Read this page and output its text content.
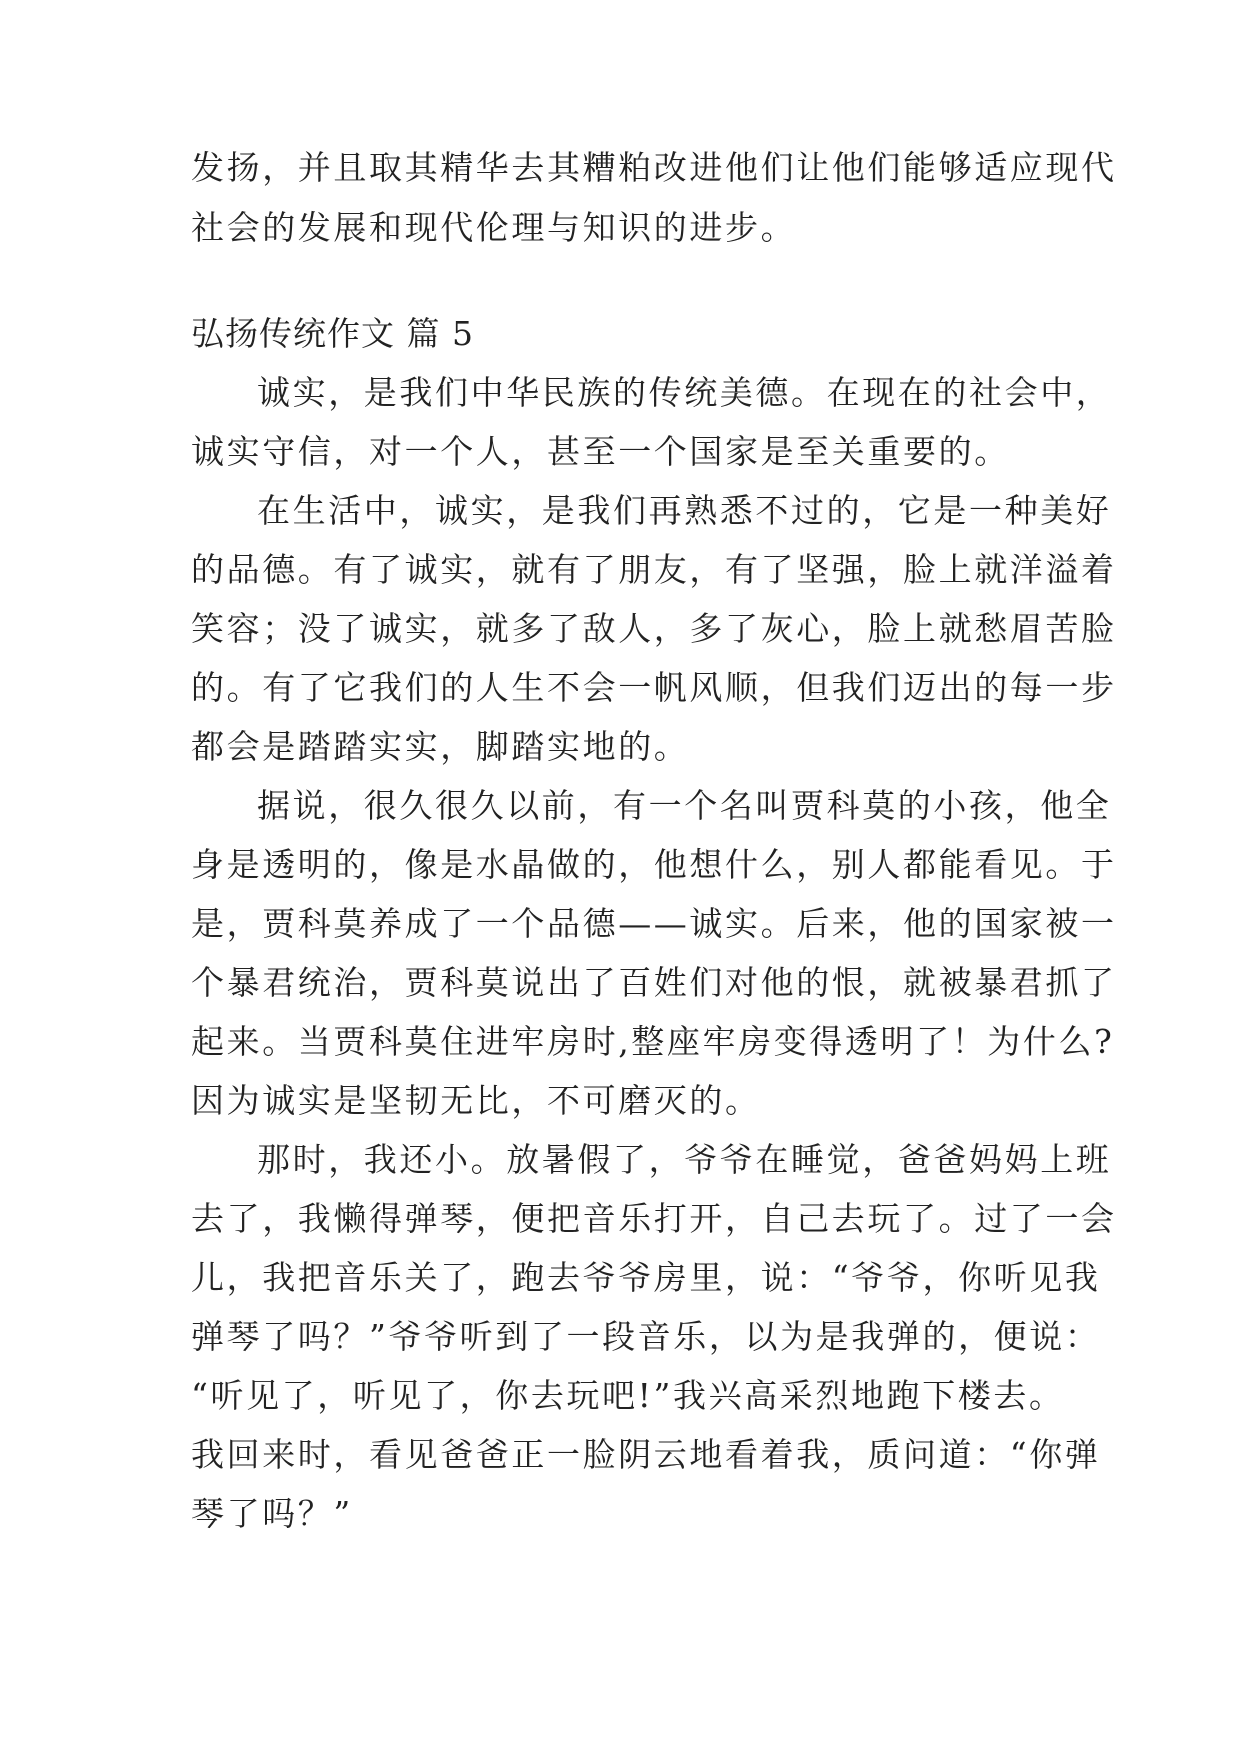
发扬，并且取其精华去其糟粕改进他们让他们能够适应现代
社会的发展和现代伦理与知识的进步。
弘扬传统作文 篇 5
诚实，是我们中华民族的传统美德。在现在的社会中，
诚实守信，对一个人，甚至一个国家是至关重要的。
在生活中，诚实，是我们再熟悉不过的，它是一种美好
的品德。有了诚实，就有了朋友，有了坚强，脸上就洋溢着
笑容；没了诚实，就多了敌人，多了灰心，脸上就愁眉苦脸
的。有了它我们的人生不会一帆风顺，但我们迈出的每一步
都会是踏踏实实，脚踏实地的。
据说，很久很久以前，有一个名叫贾科莫的小孩，他全
身是透明的，像是水晶做的，他想什么，别人都能看见。于
是，贾科莫养成了一个品德——诚实。后来，他的国家被一
个暴君统治，贾科莫说出了百姓们对他的恨，就被暴君抓了
起来。当贾科莫住进牢房时,整座牢房变得透明了！为什么?
因为诚实是坚韧无比，不可磨灭的。
那时，我还小。放暑假了，爷爷在睡觉，爸爸妈妈上班
去了，我懒得弹琴，便把音乐打开，自己去玩了。过了一会
儿，我把音乐关了，跑去爷爷房里，说：“爷爷，你听见我
弹琴了吗？”爷爷听到了一段音乐，以为是我弹的，便说：
“听见了，听见了，你去玩吧!”我兴高采烈地跑下楼去。
我回来时，看见爸爸正一脸阴云地看着我，质问道：“你弹
琴了吗？”
